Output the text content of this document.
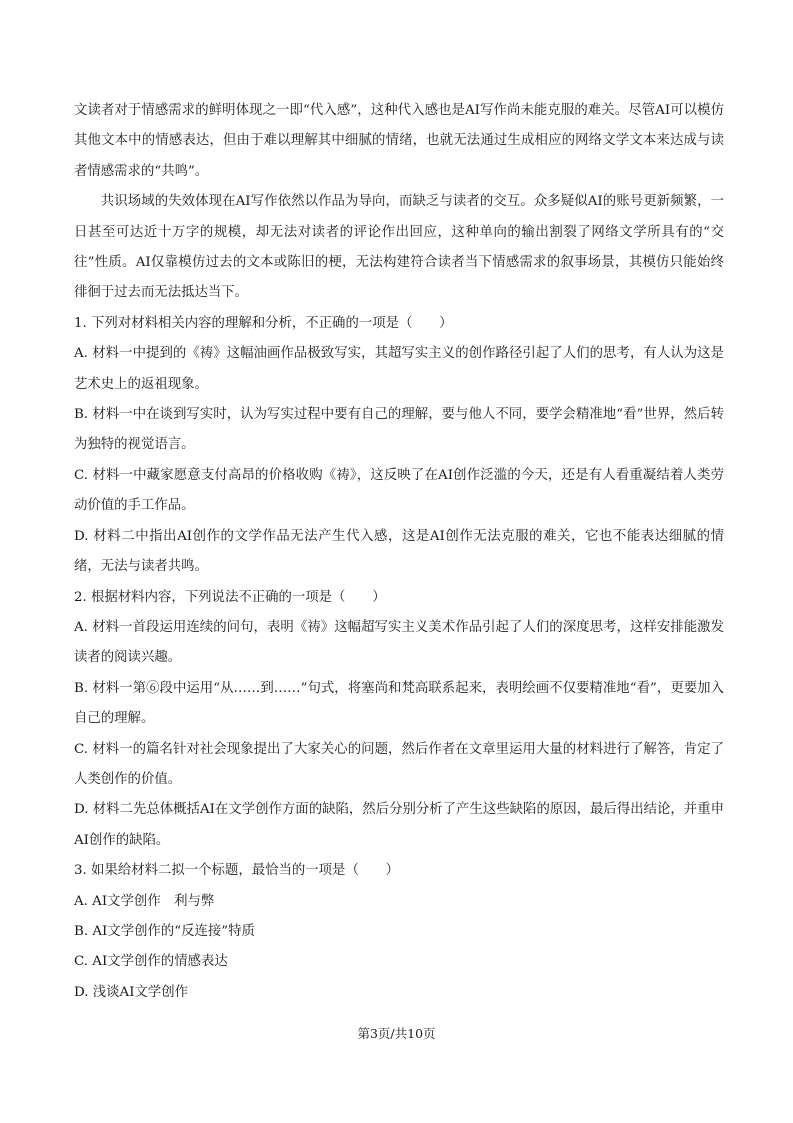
文读者对于情感需求的鲜明体现之一即“代入感”，这种代入感也是AI写作尚未能克服的难关。尽管AI可以模仿其他文本中的情感表达，但由于难以理解其中细腻的情绪，也就无法通过生成相应的网络文学文本来达成与读者情感需求的“共鸣”。

共识场域的失效体现在AI写作依然以作品为导向，而缺乏与读者的交互。众多疑似AI的账号更新频繁，一日甚至可达近十万字的规模，却无法对读者的评论作出回应，这种单向的输出割裂了网络文学所具有的“交往”性质。AI仅靠模仿过去的文本或陈旧的梗，无法构建符合读者当下情感需求的叙事场景，其模仿只能始终徘徊于过去而无法抵达当下。

1. 下列对材料相关内容的理解和分析，不正确的一项是（　　）

A. 材料一中提到的《祷》这幅油画作品极致写实，其超写实主义的创作路径引起了人们的思考，有人认为这是艺术史上的返祖现象。

B. 材料一中在谈到写实时，认为写实过程中要有自己的理解，要与他人不同，要学会精准地“看”世界，然后转为独特的视觉语言。

C. 材料一中藏家愿意支付高昂的价格收购《祷》，这反映了在AI创作泛滥的今天，还是有人看重凝结着人类劳动价值的手工作品。

D. 材料二中指出AI创作的文学作品无法产生代入感，这是AI创作无法克服的难关，它也不能表达细腻的情绪，无法与读者共鸣。

2. 根据材料内容，下列说法不正确的一项是（　　）

A. 材料一首段运用连续的问句，表明《祷》这幅超写实主义美术作品引起了人们的深度思考，这样安排能激发读者的阅读兴趣。

B. 材料一第⑥段中运用“从……到……”句式，将塞尚和梵高联系起来，表明绘画不仅要精准地“看”，更要加入自己的理解。

C. 材料一的篇名针对社会现象提出了大家关心的问题，然后作者在文章里运用大量的材料进行了解答，肯定了人类创作的价值。

D. 材料二先总体概括AI在文学创作方面的缺陷，然后分别分析了产生这些缺陷的原因，最后得出结论，并重申AI创作的缺陷。

3. 如果给材料二拟一个标题，最恰当的一项是（　　）

A. AI文学创作　利与弊

B. AI文学创作的“反连接”特质

C. AI文学创作的情感表达

D. 浅谈AI文学创作

第3页/共10页
